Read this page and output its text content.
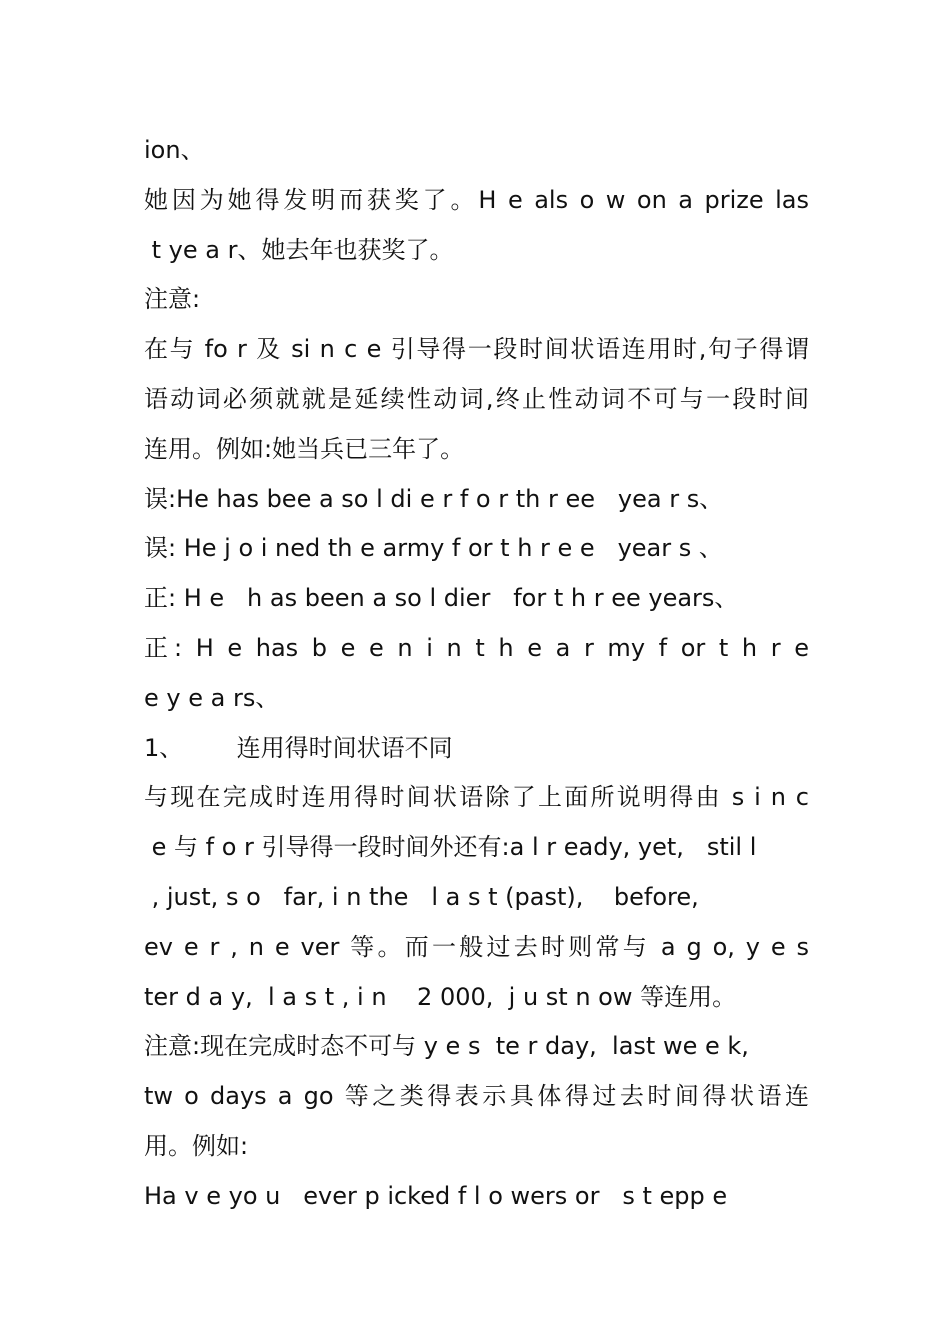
ion、
她因为她得发明而获奖了。H e als o w on a prize las
t ye a r、她去年也获奖了。
注意:
在与 fo r 及 si n c e 引导得一段时间状语连用时,句子得谓
语动词必须就就是延续性动词,终止性动词不可与一段时间
连用。例如:她当兵已三年了。
误:He has bee a so l di e r f o r th r ee   yea r s、
误: He j o i ned th e army f or t h r e e   year s 、
正: H e   h as been a so l dier   for t h r ee years、
正: H e has b e e n i n t h e a r my f or t h r e
e y e a rs、
1、       连用得时间状语不同
与现在完成时连用得时间状语除了上面所说明得由 s i n c
e 与 f o r 引导得一段时间外还有:a l r eady, yet,   stil l
, just, s o   far, i n the   l a s t (past),    before,
ev e r , n e ver 等。而一般过去时则常与 a g o, y e s
ter d a y,  l a s t , i n    2 000,  j u st n ow 等连用。
注意:现在完成时态不可与 y e s  te r day,  last we e k,
tw o days a go 等之类得表示具体得过去时间得状语连
用。例如:
Ha v e yo u   ever p icked f l o wers or   s t epp e
